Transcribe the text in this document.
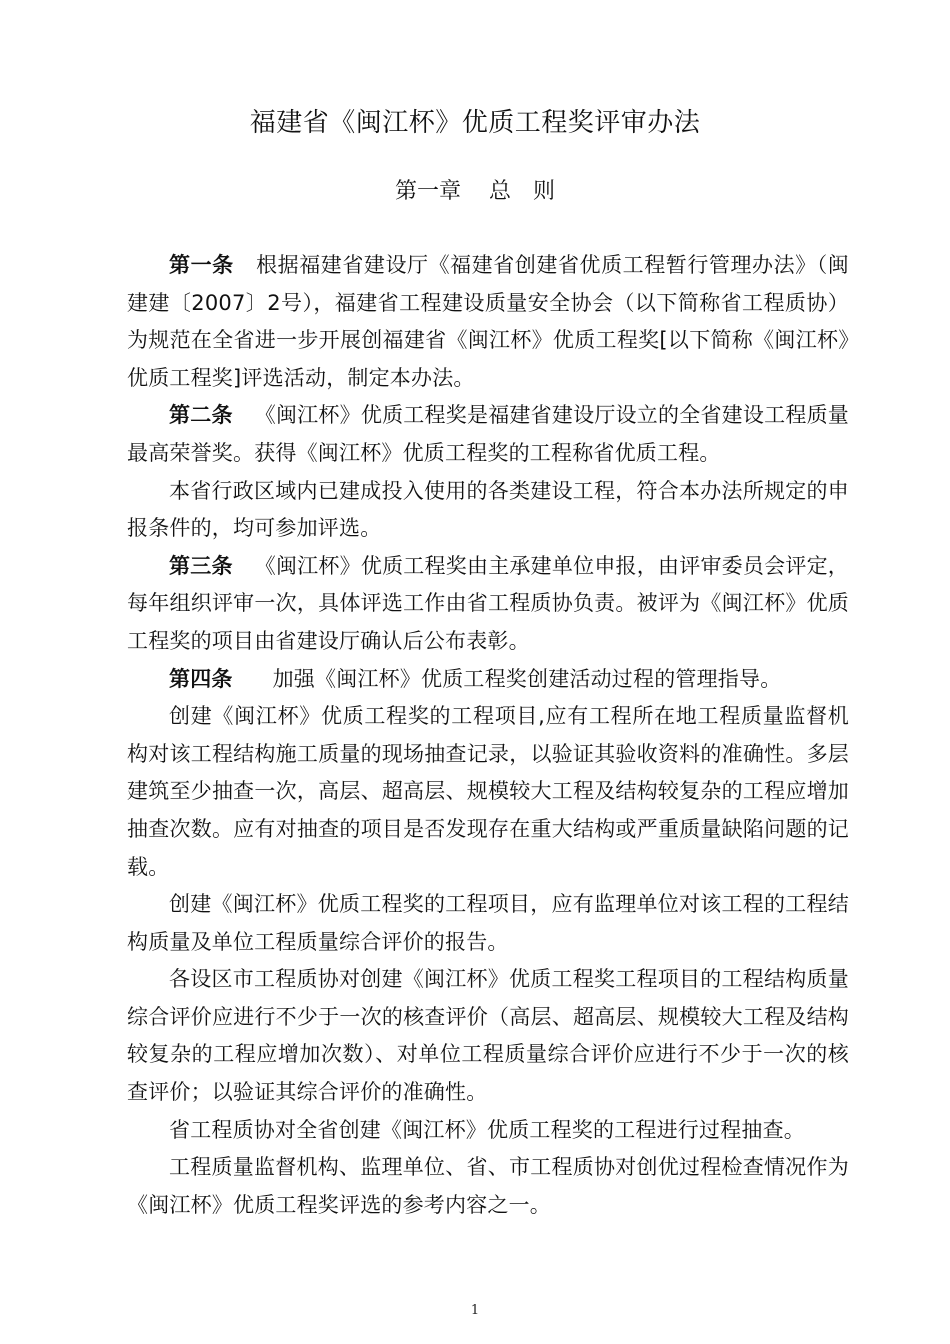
福建省《闽江杯》优质工程奖评审办法
第一章 总　则

第一条 根据福建省建设厅《福建省创建省优质工程暂行管理办法》（闽建建〔2007〕2号），福建省工程建设质量安全协会（以下简称省工程质协）为规范在全省进一步开展创福建省《闽江杯》优质工程奖[以下简称《闽江杯》优质工程奖]评选活动，制定本办法。

第二条 《闽江杯》优质工程奖是福建省建设厅设立的全省建设工程质量最高荣誉奖。获得《闽江杯》优质工程奖的工程称省优质工程。

本省行政区域内已建成投入使用的各类建设工程，符合本办法所规定的申报条件的，均可参加评选。

第三条 《闽江杯》优质工程奖由主承建单位申报，由评审委员会评定，每年组织评审一次，具体评选工作由省工程质协负责。被评为《闽江杯》优质工程奖的项目由省建设厅确认后公布表彰。

第四条 加强《闽江杯》优质工程奖创建活动过程的管理指导。

创建《闽江杯》优质工程奖的工程项目,应有工程所在地工程质量监督机构对该工程结构施工质量的现场抽查记录，以验证其验收资料的准确性。多层建筑至少抽查一次，高层、超高层、规模较大工程及结构较复杂的工程应增加抽查次数。应有对抽查的项目是否发现存在重大结构或严重质量缺陷问题的记载。

创建《闽江杯》优质工程奖的工程项目，应有监理单位对该工程的工程结构质量及单位工程质量综合评价的报告。

各设区市工程质协对创建《闽江杯》优质工程奖工程项目的工程结构质量综合评价应进行不少于一次的核查评价（高层、超高层、规模较大工程及结构较复杂的工程应增加次数）、对单位工程质量综合评价应进行不少于一次的核查评价；以验证其综合评价的准确性。

省工程质协对全省创建《闽江杯》优质工程奖的工程进行过程抽查。

工程质量监督机构、监理单位、省、市工程质协对创优过程检查情况作为《闽江杯》优质工程奖评选的参考内容之一。

1
